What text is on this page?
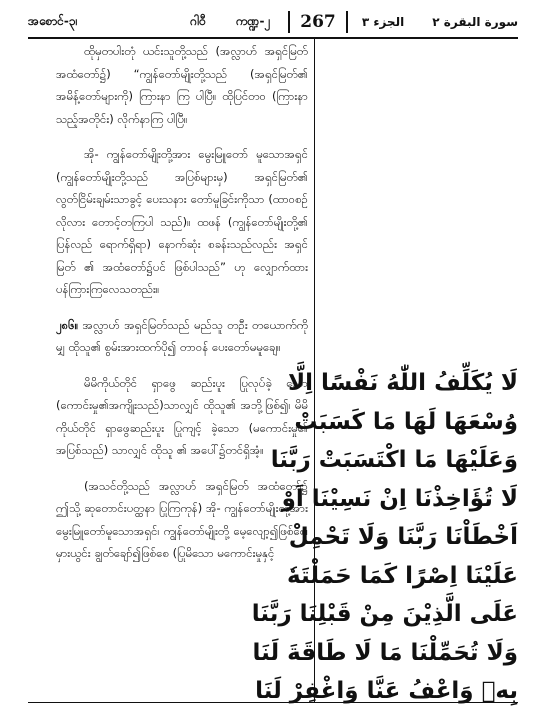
အစောင်-၃၊	ဂါဝီ	ကဏ္ဍ-၂	267	الجزء ٣	سورة البقرة ٢

ထိုမှတပါးတုံ ယင်းသူတို့သည် (အလ္လာဟ် အရှင်မြတ်အထံတော်၌) “ကျွန်တော်မျိုးတို့သည် (အရှင်မြတ်၏ အမိန့်တော်များကို) ကြားနာ ကြ ပါပြီ။ ထိုပြင်တဝ (ကြားနာသည့်အတိုင်း) လိုက်နာကြ ပါပြီ။

အို- ကျွန်တော်မျိုးတို့အား မွေးမြူတော် မူသောအရှင် (ကျွန်တော်မျိုးတို့သည် အပြစ်များမှ) အရှင်မြတ်၏ လွတ်ငြိမ်းချမ်းသာခွင့် ပေးသနား တော်မူခြင်းကိုသာ (ထာဝစဉ် လိုလား တောင့်တကြပါ သည်)။ ထဖန် (ကျွန်တော်မျိုးတို့၏ ပြန်လည် ရောက်ရှိရာ) နောက်ဆုံး စခန်းသည်လည်း အရှင်မြတ် ၏ အထံတော်၌ပင် ဖြစ်ပါသည်” ဟု လျှောက်ထား ပန်ကြားကြလေသတည်း။

၂၈၆။ အလ္လာဟ် အရှင်မြတ်သည် မည်သူ တဦး တယောက်ကိုမျှ ထိုသူ၏ စွမ်းအားထက်ပို၍ တာဝန် ပေးတော်မမူချေ။

မိမိကိုယ်တိုင် ရှာဖွေ ဆည်းပူး ပြုလုပ်ခဲ့ သော (ကောင်းမှု၏အကျိုးသည်)သာလျှင် ထိုသူ၏ အဘို့ဖြစ်၍၊ မိမိကိုယ်တိုင် ရှာဖွေဆည်းပူး ပြုကျင့် ခဲ့သော (မကောင်းမှု၏ အပြစ်သည်) သာလျှင် ထိုသူ ၏ အပေါ်၌တင်ရှိအံ့။

(အသင်တို့သည် အလ္လာဟ် အရှင်မြတ် အထံတော်၌ ဤသို့ ဆုတောင်းပတ္ထနာ ပြုကြကုန်) အို- ကျွန်တော်မျိုးတို့အား မွေးမြူတော်မူသောအရှင်၊ ကျွန်တော်မျိုးတို့ မေ့လျော့၍ဖြစ်စေ၊ မှားယွင်း ချွတ်ချော်၍ဖြစ်စေ (ပြုမိသော မကောင်းမှုနှင့်

لَا يُكَلِّفُ اللّٰهُ نَفْسًا اِلَّا
وُسْعَهَا لَهَا مَا كَسَبَتْ
وَعَلَيْهَا مَا اكْتَسَبَتْ رَبَّنَا
لَا تُؤَاخِذْنَا اِنْ نَسِيْنَا اَوْ
اَخْطَاْنَا رَبَّنَا وَلَا تَحْمِلْ
عَلَيْنَا اِصْرًا كَمَا حَمَلْتَهٗ
عَلَى الَّذِيْنَ مِنْ قَبْلِنَا رَبَّنَا
وَلَا تُحَمِّلْنَا مَا لَا طَاقَةَ لَنَا
بِهٖ وَاعْفُ عَنَّا وَاغْفِرْ لَنَا
